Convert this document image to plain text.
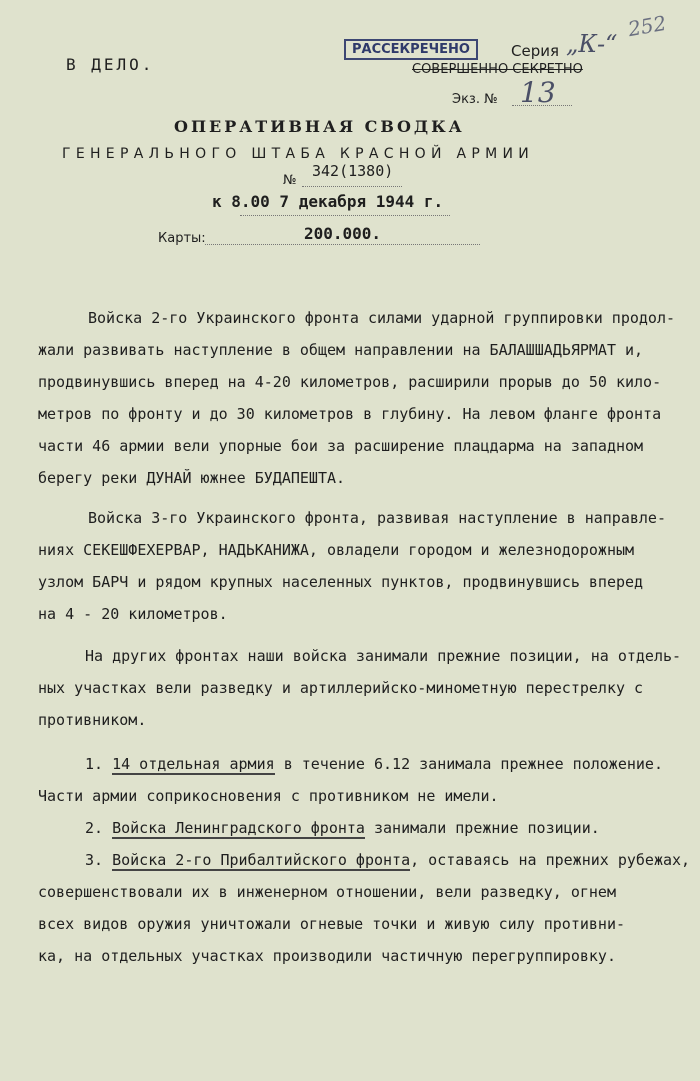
В ДЕЛО.
РАССЕКРЕЧЕНО	Серия „К-“
252
СОВЕРШЕННО СЕКРЕТНО
Экз. № 13
ОПЕРАТИВНАЯ СВОДКА
ГЕНЕРАЛЬНОГО ШТАБА КРАСНОЙ АРМИИ
№
342(1380)
к 8.00 7 декабря 1944 г.
Карты:	200.000.
Войска 2-го Украинского фронта силами ударной группировки продол-
жали развивать наступление в общем направлении на БАЛАШШАДЬЯРМАТ и,
продвинувшись вперед на 4-20 километров, расширили прорыв до 50 кило-
метров по фронту и до 30 километров в глубину. На левом фланге фронта
части 46 армии вели упорные бои за расширение плацдарма на западном
берегу реки ДУНАЙ южнее БУДАПЕШТА.
Войска 3-го Украинского фронта, развивая наступление в направле-
ниях СЕКЕШФЕХЕРВАР, НАДЬКАНИЖА, овладели городом и железнодорожным
узлом БАРЧ и рядом крупных населенных пунктов, продвинувшись вперед
на 4 - 20 километров.
На других фронтах наши войска занимали прежние позиции, на отдель-
ных участках вели разведку и артиллерийско-минометную перестрелку с
противником.
1. 14 отдельная армия в течение 6.12 занимала прежнее положение.
Части армии соприкосновения с противником не имели.
2. Войска Ленинградского фронта занимали прежние позиции.
3. Войска 2-го Прибалтийского фронта, оставаясь на прежних рубежах,
совершенствовали их в инженерном отношении, вели разведку, огнем
всех видов оружия уничтожали огневые точки и живую силу противни-
ка, на отдельных участках производили частичную перегруппировку.
